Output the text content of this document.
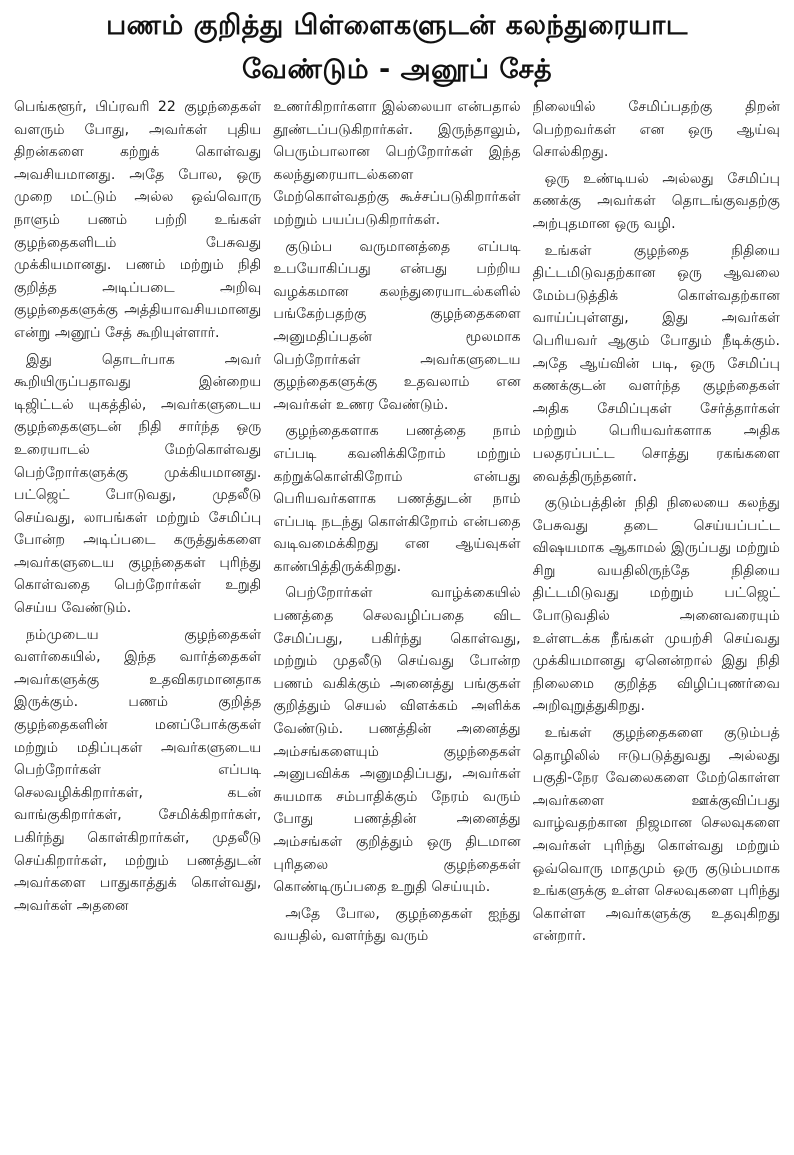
பணம் குறித்து பிள்ளைகளுடன் கலந்துரையாட
வேண்டும் - அனூப் சேத்

பெங்களூர், பிப்ரவரி 22 குழந்தைகள் வளரும் போது, அவர்கள் புதிய திறன்களை கற்றுக் கொள்வது அவசியமானது. அதே போல, ஒரு முறை மட்டும் அல்ல ஒவ்வொரு நாளும் பணம் பற்றி உங்கள் குழந்தைகளிடம் பேசுவது முக்கியமானது. பணம் மற்றும் நிதி குறித்த அடிப்படை அறிவு குழந்தைகளுக்கு அத்தியாவசியமானது என்று அனூப் சேத் கூறியுள்ளார்.

இது தொடர்பாக அவர் கூறியிருப்பதாவது இன்றைய டிஜிட்டல் யுகத்தில், அவர்களுடைய குழந்தைகளுடன் நிதி சார்ந்த ஒரு உரையாடல் மேற்கொள்வது பெற்றோர்களுக்கு முக்கியமானது. பட்ஜெட் போடுவது, முதலீடு செய்வது, லாபங்கள் மற்றும் சேமிப்பு போன்ற அடிப்படை கருத்துக்களை அவர்களுடைய குழந்தைகள் புரிந்து கொள்வதை பெற்றோர்கள் உறுதி செய்ய வேண்டும்.

நம்முடைய குழந்தைகள் வளர்கையில், இந்த வார்த்தைகள் அவர்களுக்கு உதவிகரமானதாக இருக்கும். பணம் குறித்த குழந்தைகளின் மனப்போக்குகள் மற்றும் மதிப்புகள் அவர்களுடைய பெற்றோர்கள் எப்படி செலவழிக்கிறார்கள், கடன் வாங்குகிறார்கள், சேமிக்கிறார்கள், பகிர்ந்து கொள்கிறார்கள், முதலீடு செய்கிறார்கள், மற்றும் பணத்துடன் அவர்களை பாதுகாத்துக் கொள்வது, அவர்கள் அதனை

உணர்கிறார்களா இல்லையா என்பதால் தூண்டப்படுகிறார்கள். இருந்தாலும், பெரும்பாலான பெற்றோர்கள் இந்த கலந்துரையாடல்களை மேற்கொள்வதற்கு கூச்சப்படுகிறார்கள் மற்றும் பயப்படுகிறார்கள்.

குடும்ப வருமானத்தை எப்படி உபயோகிப்பது என்பது பற்றிய வழக்கமான கலந்துரையாடல்களில் பங்கேற்பதற்கு குழந்தைகளை அனுமதிப்பதன் மூலமாக பெற்றோர்கள் அவர்களுடைய குழந்தைகளுக்கு உதவலாம் என அவர்கள் உணர வேண்டும்.

குழந்தைகளாக பணத்தை நாம் எப்படி கவனிக்கிறோம் மற்றும் கற்றுக்கொள்கிறோம் என்பது பெரியவர்களாக பணத்துடன் நாம் எப்படி நடந்து கொள்கிறோம் என்பதை வடிவமைக்கிறது என ஆய்வுகள் காண்பித்திருக்கிறது.

பெற்றோர்கள் வாழ்க்கையில் பணத்தை செலவழிப்பதை விட சேமிப்பது, பகிர்ந்து கொள்வது, மற்றும் முதலீடு செய்வது போன்ற பணம் வகிக்கும் அனைத்து பங்குகள் குறித்தும் செயல் விளக்கம் அளிக்க வேண்டும். பணத்தின் அனைத்து அம்சங்களையும் குழந்தைகள் அனுபவிக்க அனுமதிப்பது, அவர்கள் சுயமாக சம்பாதிக்கும் நேரம் வரும் போது பணத்தின் அனைத்து அம்சங்கள் குறித்தும் ஒரு திடமான புரிதலை குழந்தைகள் கொண்டிருப்பதை உறுதி செய்யும்.

அதே போல, குழந்தைகள் ஐந்து வயதில், வளர்ந்து வரும்

நிலையில் சேமிப்பதற்கு திறன் பெற்றவர்கள் என ஒரு ஆய்வு சொல்கிறது.

ஒரு உண்டியல் அல்லது சேமிப்பு கணக்கு அவர்கள் தொடங்குவதற்கு அற்புதமான ஒரு வழி.

உங்கள் குழந்தை நிதியை திட்டமிடுவதற்கான ஒரு ஆவலை மேம்படுத்திக் கொள்வதற்கான வாய்ப்புள்ளது, இது அவர்கள் பெரியவர் ஆகும் போதும் நீடிக்கும். அதே ஆய்வின் படி, ஒரு சேமிப்பு கணக்குடன் வளர்ந்த குழந்தைகள் அதிக சேமிப்புகள் சேர்த்தார்கள் மற்றும் பெரியவர்களாக அதிக பலதரப்பட்ட சொத்து ரகங்களை வைத்திருந்தனர்.

குடும்பத்தின் நிதி நிலையை கலந்து பேசுவது தடை செய்யப்பட்ட விஷயமாக ஆகாமல் இருப்பது மற்றும் சிறு வயதிலிருந்தே நிதியை திட்டமிடுவது மற்றும் பட்ஜெட் போடுவதில் அனைவரையும் உள்ளடக்க நீங்கள் முயற்சி செய்வது முக்கியமானது ஏனென்றால் இது நிதி நிலைமை குறித்த விழிப்புணர்வை அறிவுறுத்துகிறது.

உங்கள் குழந்தைகளை குடும்பத் தொழிலில் ஈடுபடுத்துவது அல்லது பகுதி-நேர வேலைகளை மேற்கொள்ள அவர்களை ஊக்குவிப்பது வாழ்வதற்கான நிஜமான செலவுகளை அவர்கள் புரிந்து கொள்வது மற்றும் ஒவ்வொரு மாதமும் ஒரு குடும்பமாக உங்களுக்கு உள்ள செலவுகளை புரிந்து கொள்ள அவர்களுக்கு உதவுகிறது என்றார்.
